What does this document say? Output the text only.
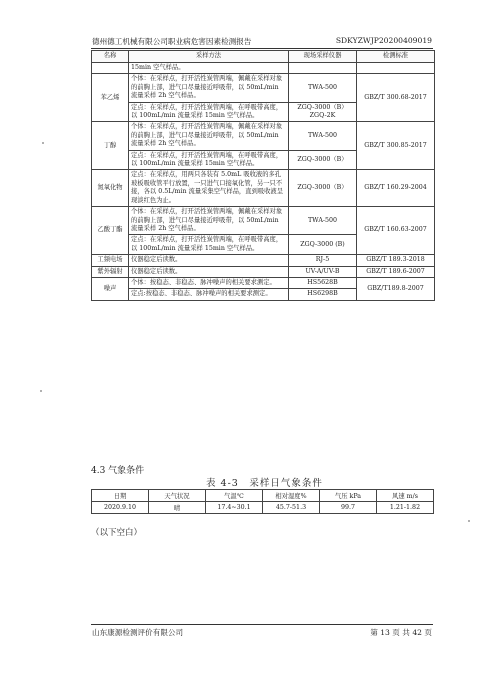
德州德工机械有限公司职业病危害因素检测报告	SDKYZWJP20200409019
名称	采样方法	现场采样仪器	检测标准
	15min 空气样品。		
苯乙烯	个体：在采样点，打开活性炭管两端，佩戴在采样对象的前胸上部，进气口尽量接近呼吸带，以 50mL/min 流量采样 2h 空气样品。	TWA-500	GBZ/T 300.68-2017
	定点：在采样点，打开活性炭管两端，在呼吸带高度，以 100mL/min 流量采样 15min 空气样品。	ZGQ-3000（B）
ZGQ-2K	
丁醇	个体：在采样点，打开活性炭管两端，佩戴在采样对象的前胸上部，进气口尽量接近呼吸带，以 50mL/min 流量采样 2h 空气样品。	TWA-500	GBZ/T 300.85-2017
	定点：在采样点，打开活性炭管两端，在呼吸带高度，以 100mL/min 流量采样 15min 空气样品。	ZGQ-3000（B）	
氮氧化物	定点：在采样点，用两只各装有 5.0mL 吸收液的多孔玻板吸收管平行放置，一只进气口接氧化管，另一只不接，各以 0.5L/min 流量采集空气样品，直到吸收液呈现淡红色为止。	ZGQ-3000（B）	GBZ/T 160.29-2004
乙酸丁酯	个体：在采样点，打开活性炭管两端，佩戴在采样对象的前胸上部，进气口尽量接近呼吸带，以 50mL/min 流量采样 2h 空气样品。	TWA-500	GBZ/T 160.63-2007
	定点：在采样点，打开活性炭管两端，在呼吸带高度，以 100mL/min 流量采样 15min 空气样品。	ZGQ-3000 (B)	
工频电场	仪器稳定后读数。	RJ-5	GBZ/T 189.3-2018
紫外辐射	仪器稳定后读数。	UV-A/UV-B	GBZ/T 189.6-2007
噪声	个体：按稳态、非稳态、脉冲噪声的相关要求测定。	HS5628B	GBZ/T189.8-2007
	定点:按稳态、非稳态、脉冲噪声的相关要求测定。	HS6298B	
4.3 气象条件
表 4-3　采样日气象条件
日期	天气状况	气温℃	相对湿度%	气压 kPa	风速 m/s
2020.9.10	晴	17.4~30.1	45.7-51.3	99.7	1.21-1.82
（以下空白）
山东康源检测评价有限公司	第 13 页 共 42 页
